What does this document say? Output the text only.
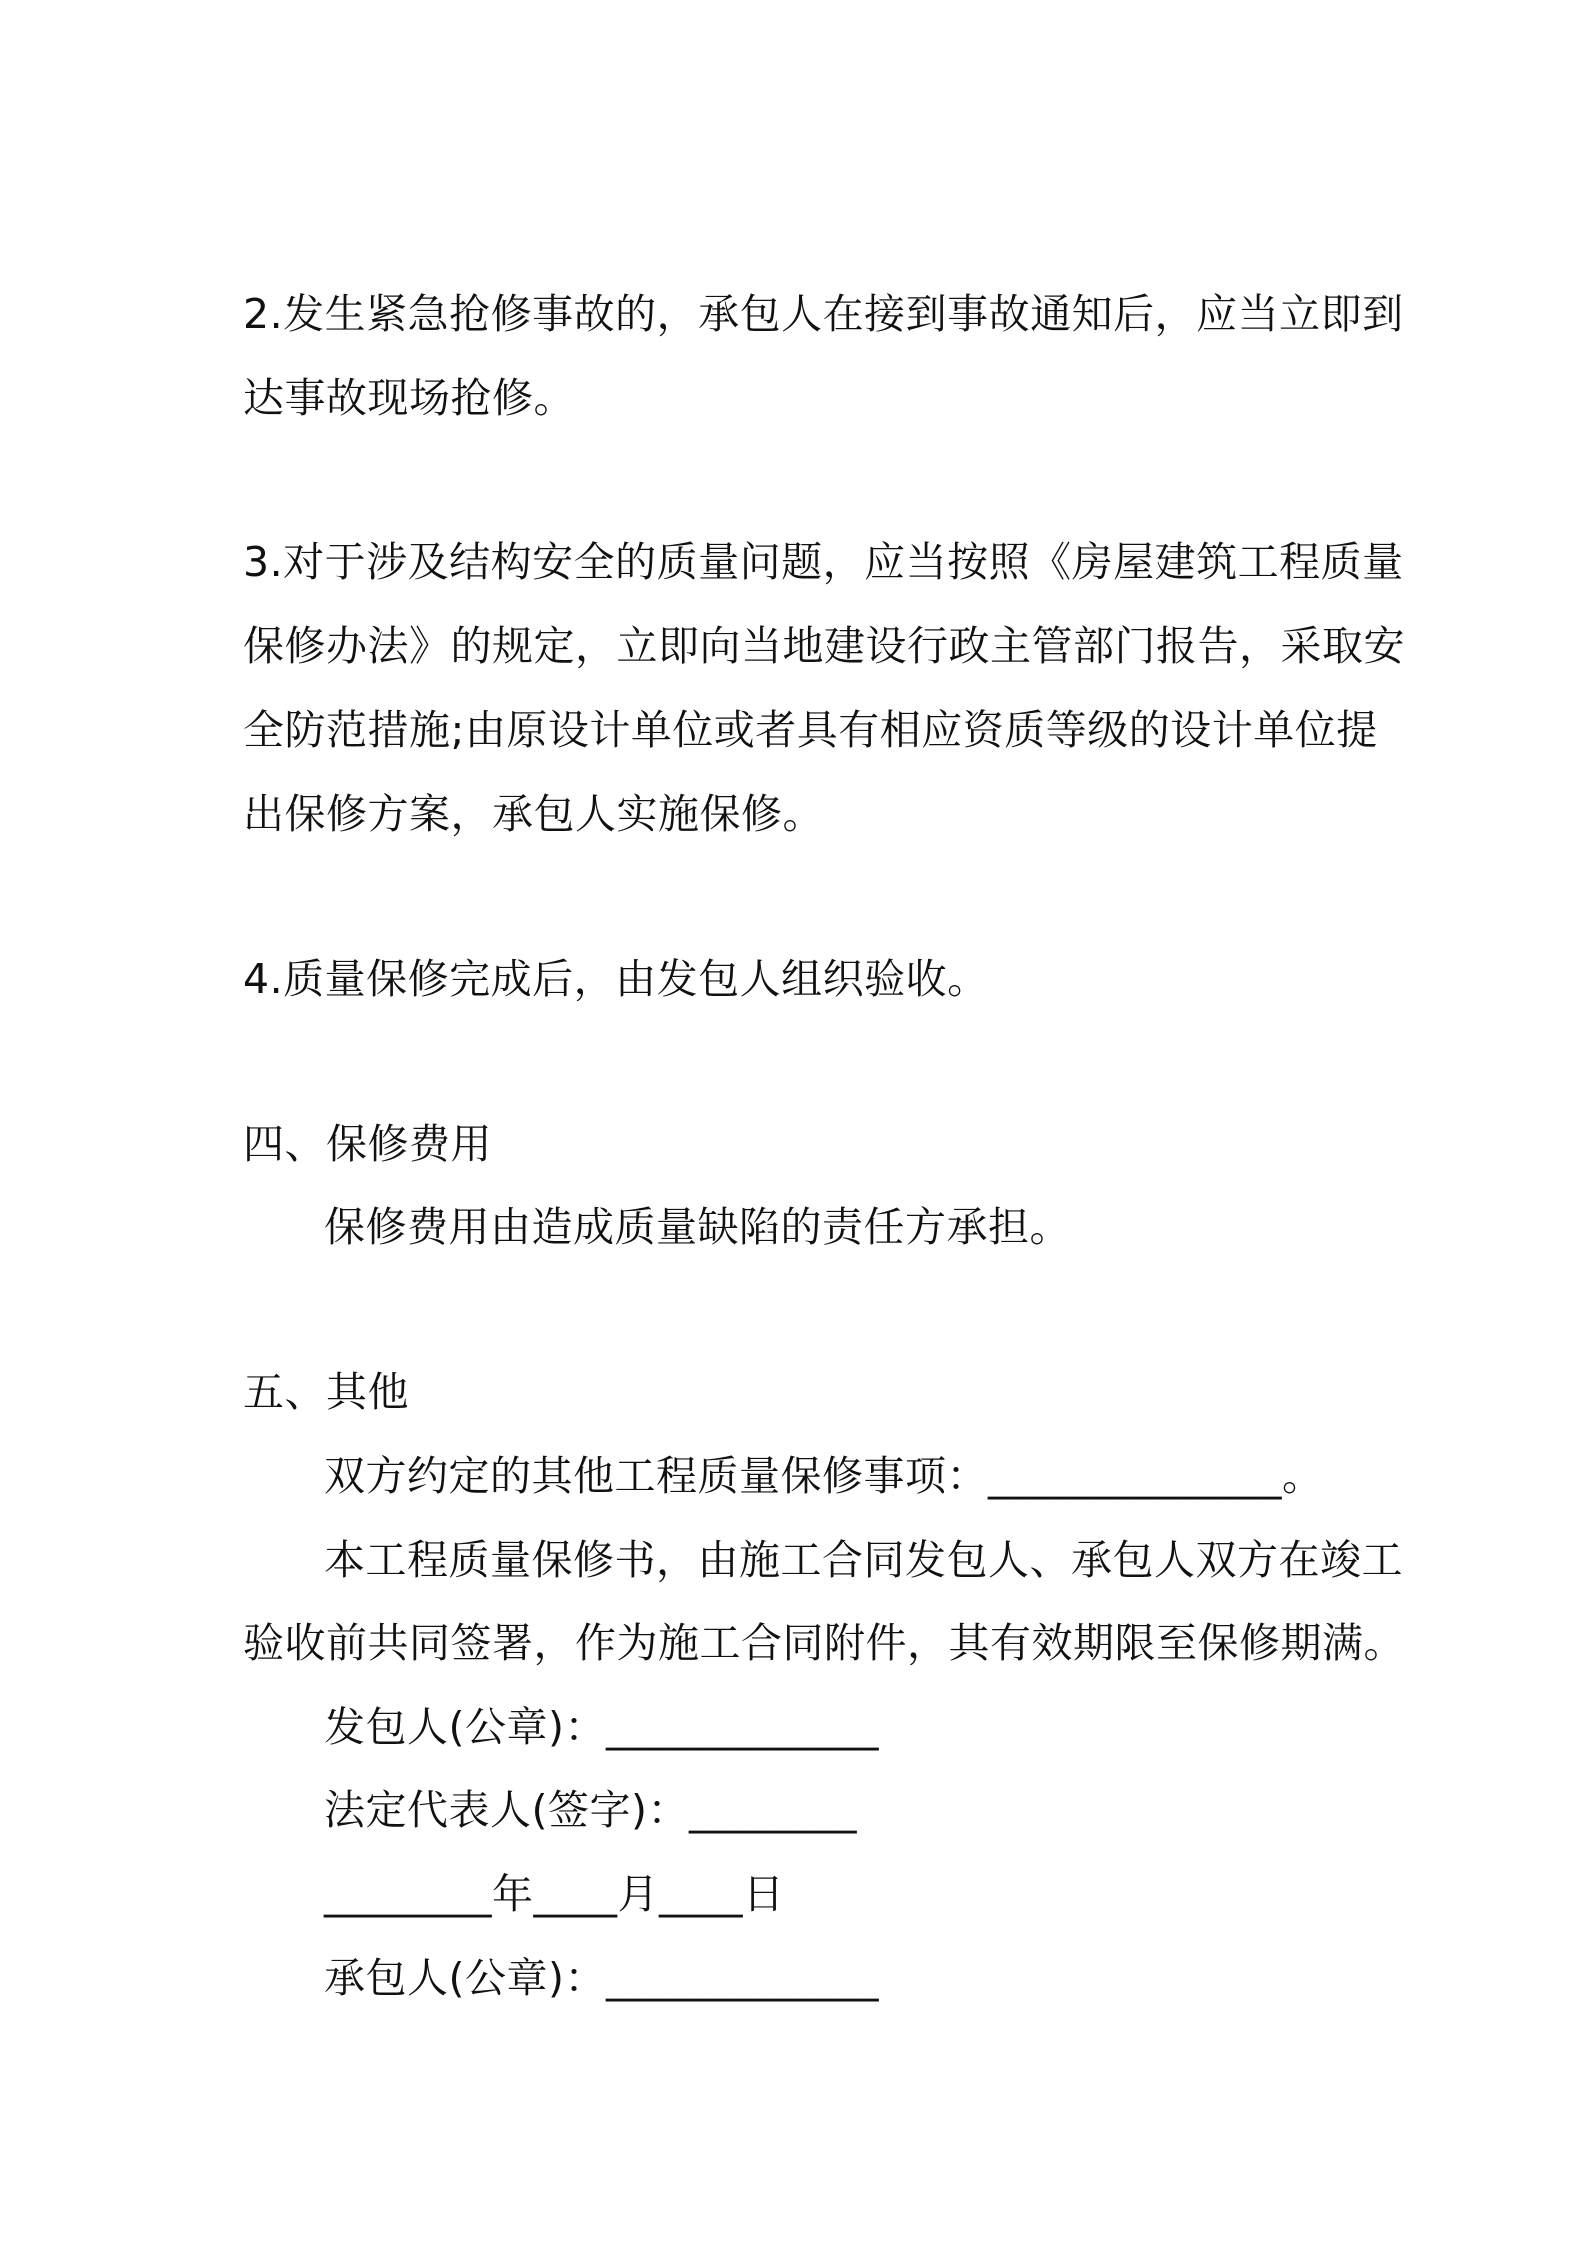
2.发生紧急抢修事故的，承包人在接到事故通知后，应当立即到
达事故现场抢修。
3.对于涉及结构安全的质量问题，应当按照《房屋建筑工程质量
保修办法》的规定，立即向当地建设行政主管部门报告，采取安
全防范措施;由原设计单位或者具有相应资质等级的设计单位提
出保修方案，承包人实施保修。
4.质量保修完成后，由发包人组织验收。
四、保修费用
保修费用由造成质量缺陷的责任方承担。
五、其他
双方约定的其他工程质量保修事项：______________。
本工程质量保修书，由施工合同发包人、承包人双方在竣工
验收前共同签署，作为施工合同附件，其有效期限至保修期满。
发包人(公章)：_____________
法定代表人(签字)：________
________年____月____日
承包人(公章)：_____________
